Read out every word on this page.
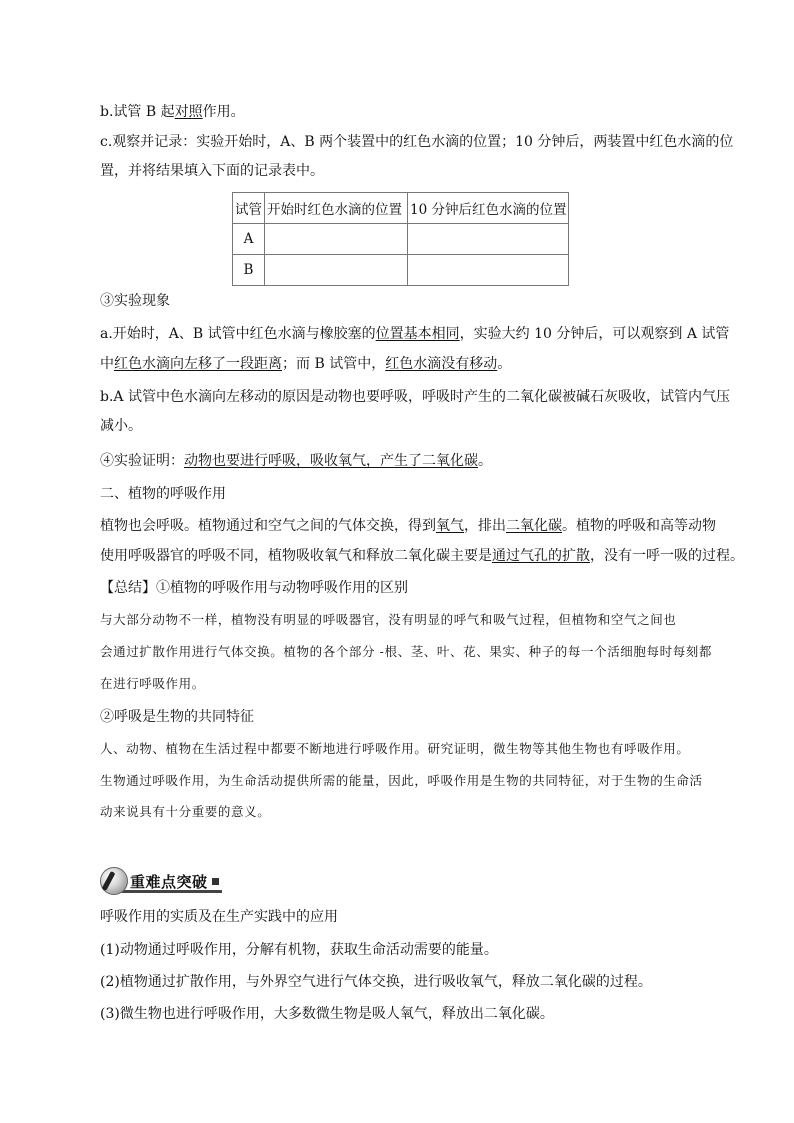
b.试管 B 起对照作用。
c.观察并记录：实验开始时，A、B 两个装置中的红色水滴的位置；10 分钟后，两装置中红色水滴的位
置，并将结果填入下面的记录表中。
试管	开始时红色水滴的位置	10 分钟后红色水滴的位置
A		
B		
③实验现象
a.开始时，A、B 试管中红色水滴与橡胶塞的位置基本相同，实验大约 10 分钟后，可以观察到 A 试管
中红色水滴向左移了一段距离；而 B 试管中，红色水滴没有移动。
b.A 试管中色水滴向左移动的原因是动物也要呼吸，呼吸时产生的二氧化碳被碱石灰吸收，试管内气压
减小。
④实验证明：动物也要进行呼吸，吸收氧气，产生了二氧化碳。
二、植物的呼吸作用
植物也会呼吸。植物通过和空气之间的气体交换，得到氧气，排出二氧化碳。植物的呼吸和高等动物
使用呼吸器官的呼吸不同，植物吸收氧气和释放二氧化碳主要是通过气孔的扩散，没有一呼一吸的过程。
【总结】①植物的呼吸作用与动物呼吸作用的区别
与大部分动物不一样，植物没有明显的呼吸器官，没有明显的呼气和吸气过程，但植物和空气之间也
会通过扩散作用进行气体交换。植物的各个部分 -根、茎、叶、花、果实、种子的每一个活细胞每时每刻都
在进行呼吸作用。
②呼吸是生物的共同特征
人、动物、植物在生活过程中都要不断地进行呼吸作用。研究证明，微生物等其他生物也有呼吸作用。
生物通过呼吸作用，为生命活动提供所需的能量，因此，呼吸作用是生物的共同特征，对于生物的生命活
动来说具有十分重要的意义。
重难点突破
呼吸作用的实质及在生产实践中的应用
(1)动物通过呼吸作用，分解有机物，获取生命活动需要的能量。
(2)植物通过扩散作用，与外界空气进行气体交换，进行吸收氧气，释放二氧化碳的过程。
(3)微生物也进行呼吸作用，大多数微生物是吸人氧气，释放出二氧化碳。
